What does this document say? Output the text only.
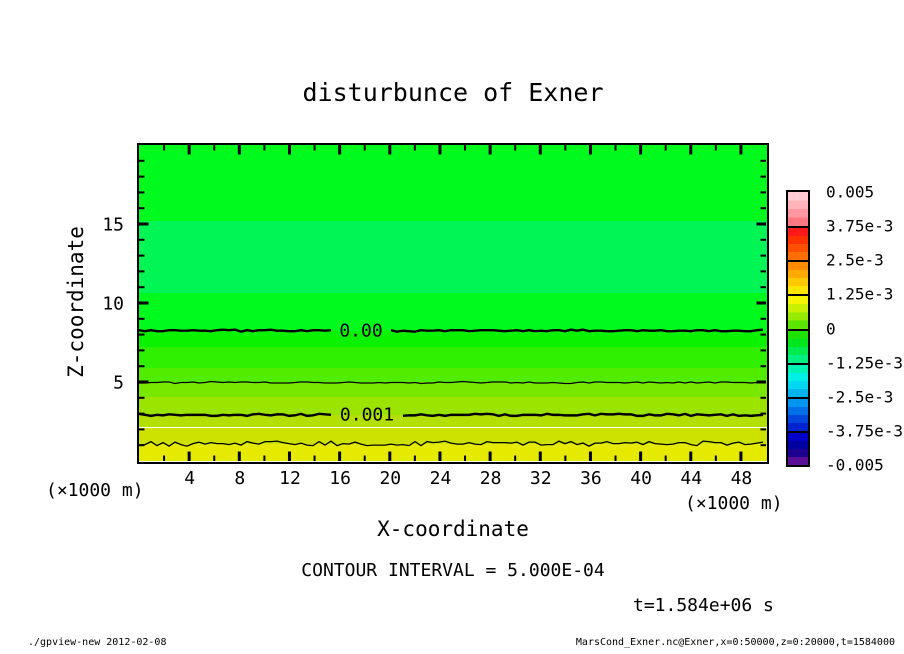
disturbunce of Exner
Z-coordinate	0.00
0.001
(×1000 m)
(×1000 m)
X-coordinate
CONTOUR INTERVAL = 5.000E-04
t=1.584e+06 s
./gpview-new 2012-02-08	MarsCond_Exner.nc@Exner,x=0:50000,z=0:20000,t=1584000
4 8 12 16 20 24 28 32 36 40 44 48
5
10
15
0.005
3.75e-3
2.5e-3
1.25e-3
0
-1.25e-3
-2.5e-3
-3.75e-3
-0.005
